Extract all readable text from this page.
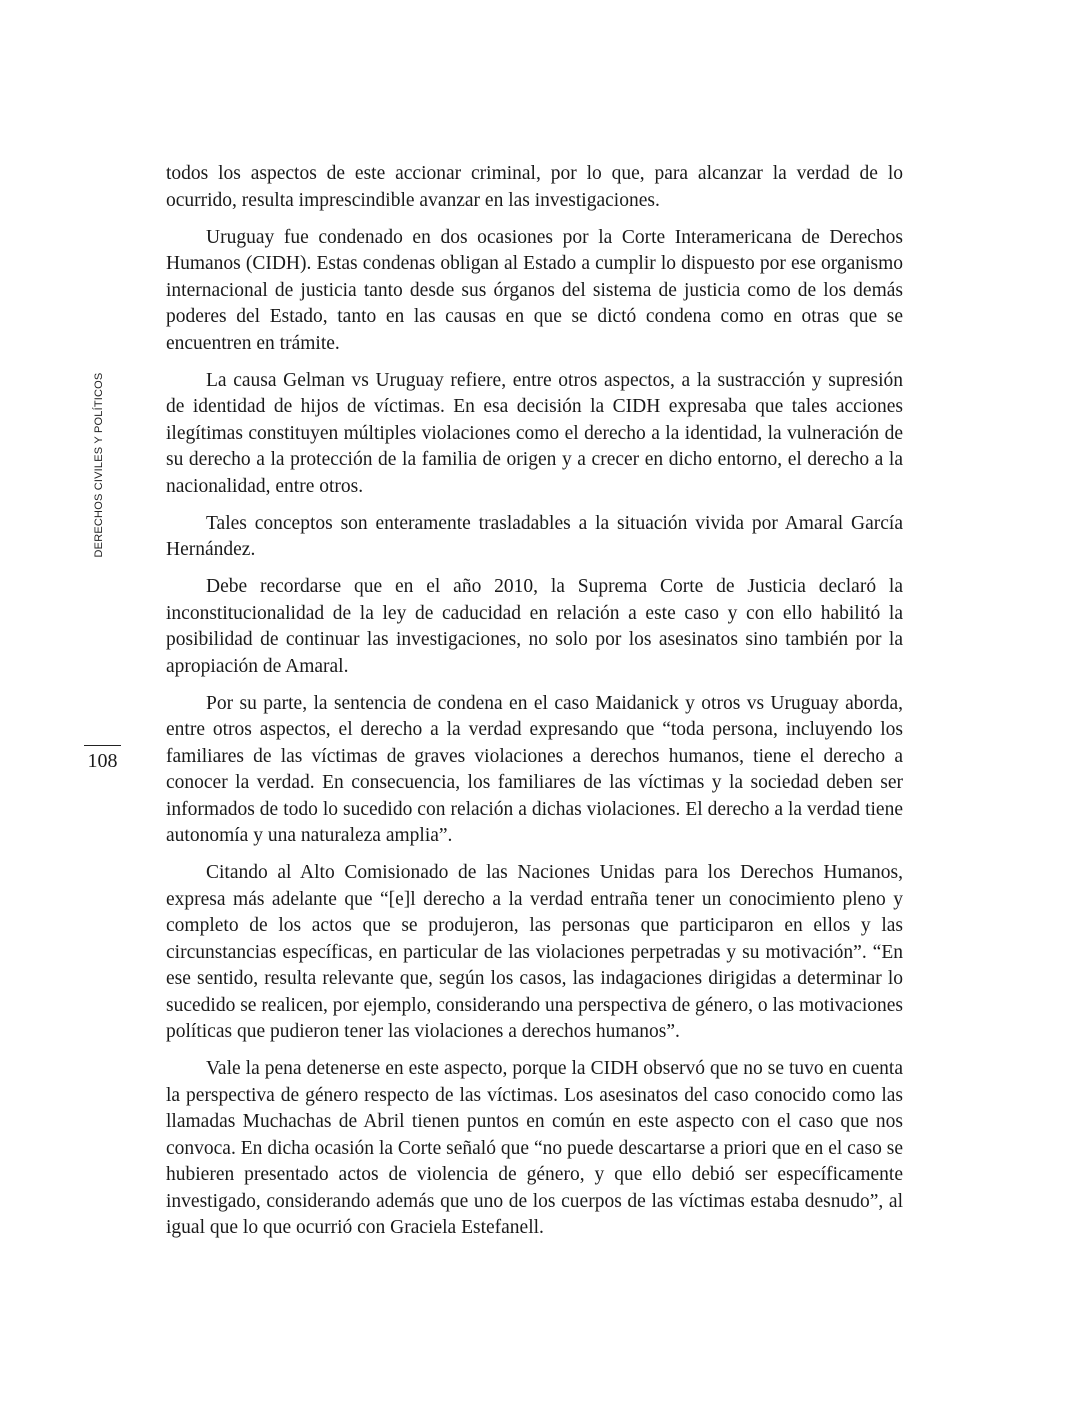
DERECHOS CIVILES Y POLÍTICOS
108

todos los aspectos de este accionar criminal, por lo que, para alcanzar la verdad de lo ocurrido, resulta imprescindible avanzar en las investigaciones.

Uruguay fue condenado en dos ocasiones por la Corte Interamericana de Derechos Humanos (CIDH). Estas condenas obligan al Estado a cumplir lo dispuesto por ese organismo internacional de justicia tanto desde sus órganos del sistema de justicia como de los demás poderes del Estado, tanto en las causas en que se dictó condena como en otras que se encuentren en trámite.

La causa Gelman vs Uruguay refiere, entre otros aspectos, a la sustracción y supresión de identidad de hijos de víctimas. En esa decisión la CIDH expresaba que tales acciones ilegítimas constituyen múltiples violaciones como el derecho a la identidad, la vulneración de su derecho a la protección de la familia de origen y a crecer en dicho entorno, el derecho a la nacionalidad, entre otros.

Tales conceptos son enteramente trasladables a la situación vivida por Amaral García Hernández.

Debe recordarse que en el año 2010, la Suprema Corte de Justicia declaró la inconstitucionalidad de la ley de caducidad en relación a este caso y con ello habilitó la posibilidad de continuar las investigaciones, no solo por los asesinatos sino también por la apropiación de Amaral.

Por su parte, la sentencia de condena en el caso Maidanick y otros vs Uruguay aborda, entre otros aspectos, el derecho a la verdad expresando que “toda persona, incluyendo los familiares de las víctimas de graves violaciones a derechos humanos, tiene el derecho a conocer la verdad. En consecuencia, los familiares de las víctimas y la sociedad deben ser informados de todo lo sucedido con relación a dichas violaciones. El derecho a la verdad tiene autonomía y una naturaleza amplia”.

Citando al Alto Comisionado de las Naciones Unidas para los Derechos Humanos, expresa más adelante que “[e]l derecho a la verdad entraña tener un conocimiento pleno y completo de los actos que se produjeron, las personas que participaron en ellos y las circunstancias específicas, en particular de las violaciones perpetradas y su motivación”. “En ese sentido, resulta relevante que, según los casos, las indagaciones dirigidas a determinar lo sucedido se realicen, por ejemplo, considerando una perspectiva de género, o las motivaciones políticas que pudieron tener las violaciones a derechos humanos”.

Vale la pena detenerse en este aspecto, porque la CIDH observó que no se tuvo en cuenta la perspectiva de género respecto de las víctimas. Los asesinatos del caso conocido como las llamadas Muchachas de Abril tienen puntos en común en este aspecto con el caso que nos convoca. En dicha ocasión la Corte señaló que “no puede descartarse a priori que en el caso se hubieren presentado actos de violencia de género, y que ello debió ser específicamente investigado, considerando además que uno de los cuerpos de las víctimas estaba desnudo”, al igual que lo que ocurrió con Graciela Estefanell.
